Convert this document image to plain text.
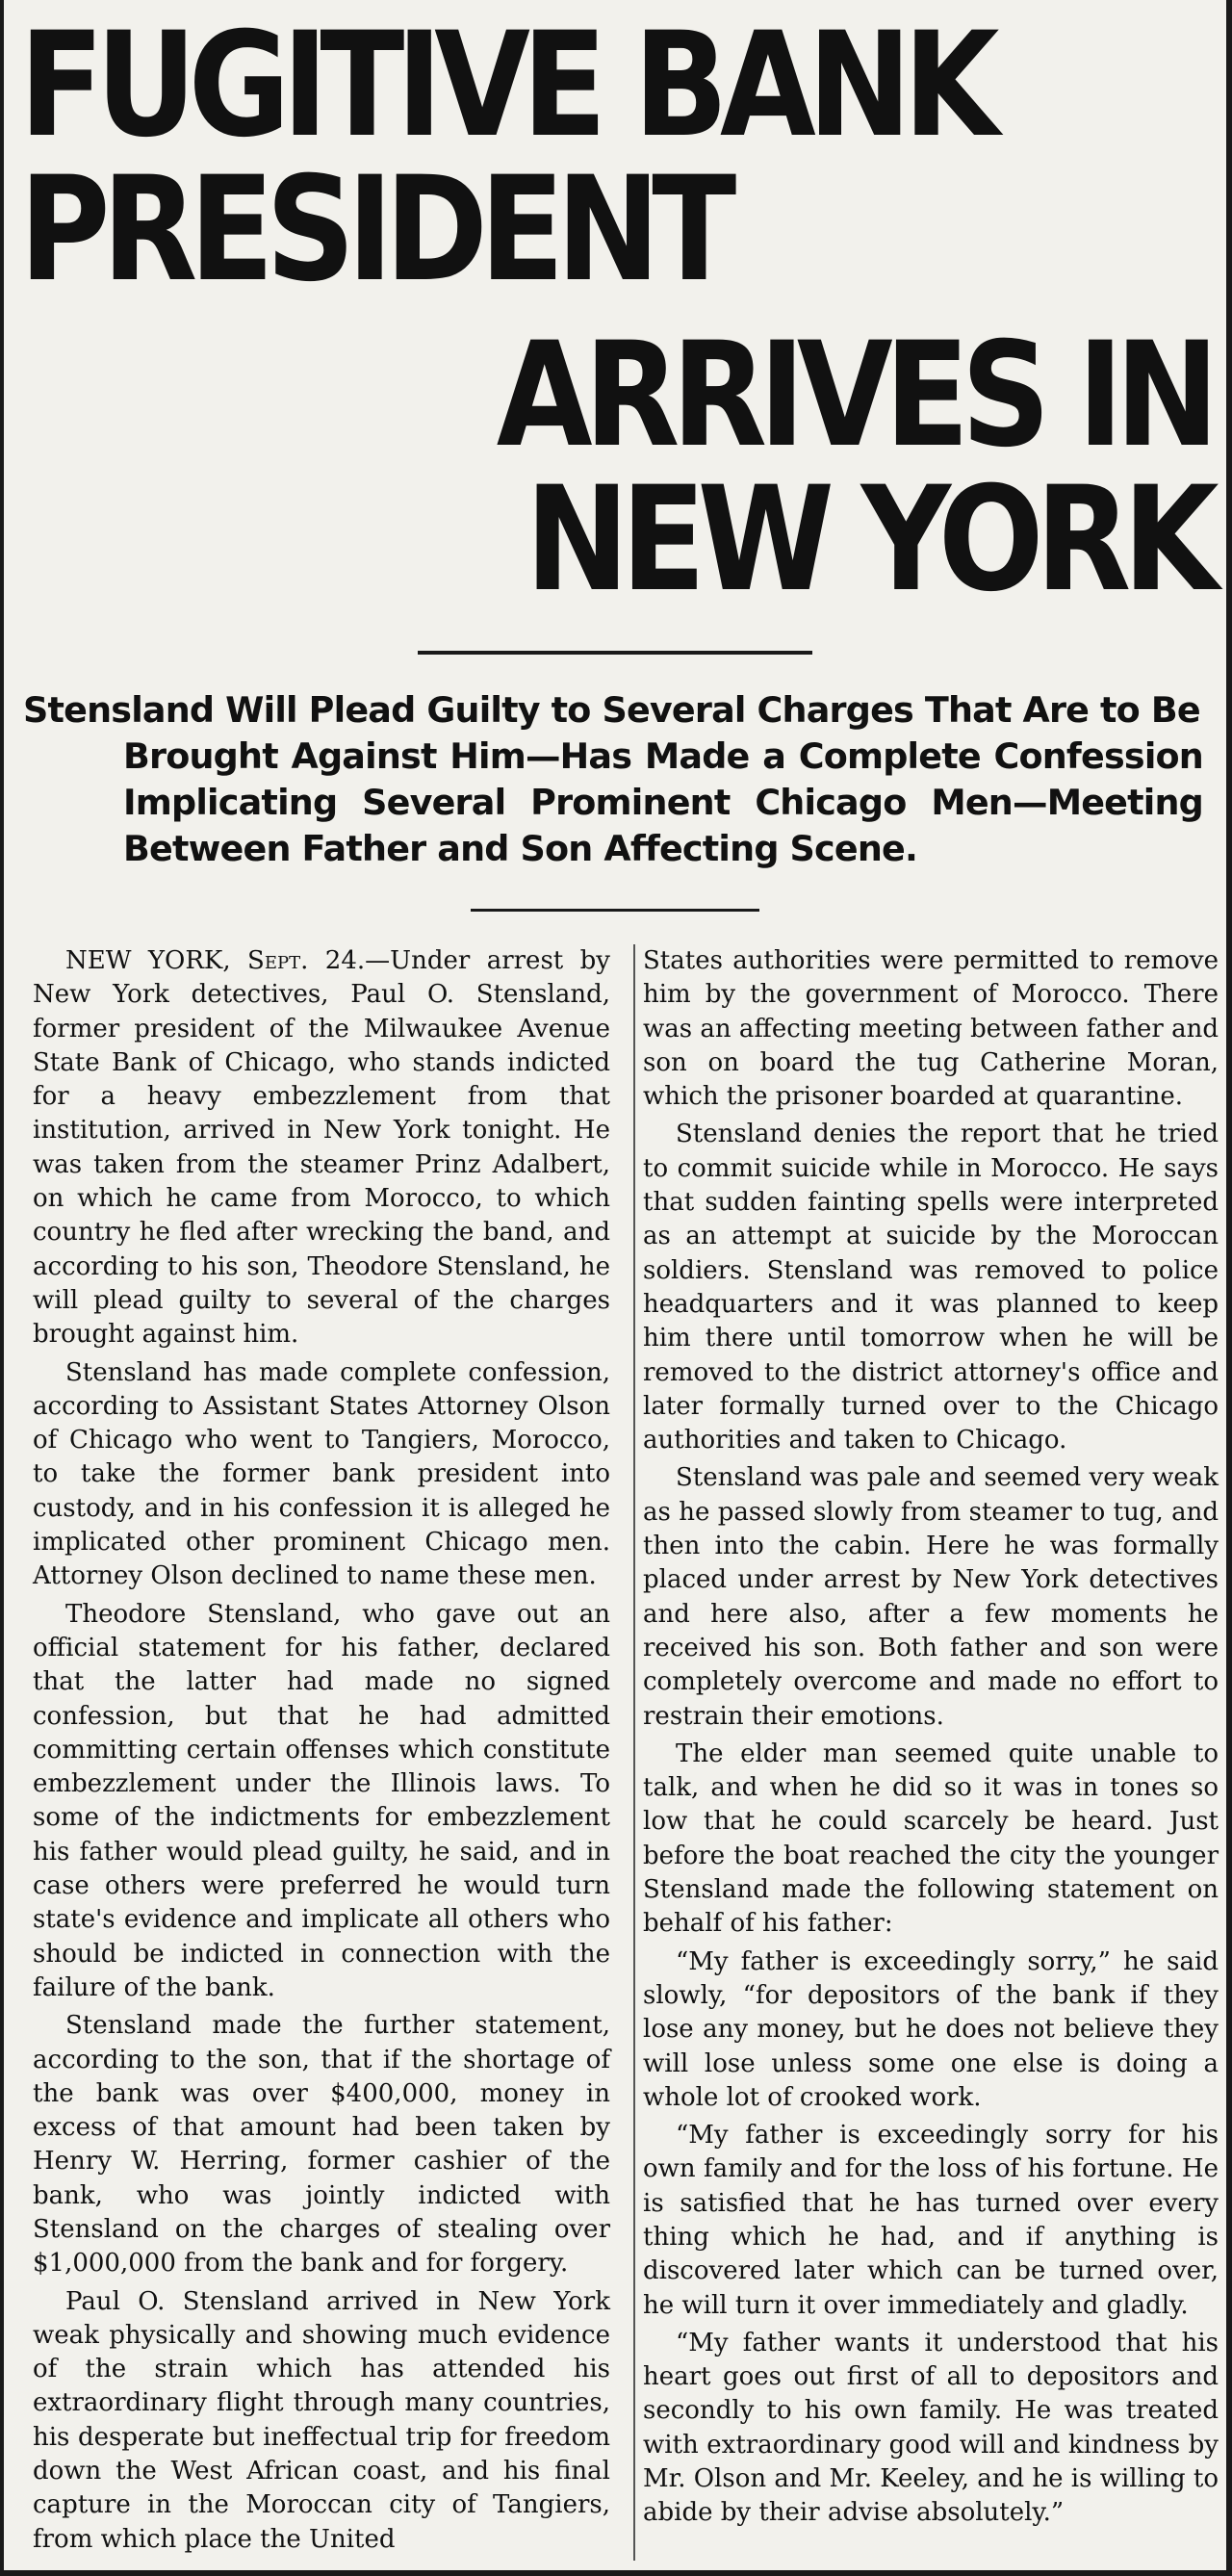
FUGITIVE BANK PRESIDENT
ARRIVES IN NEW YORK

Stensland Will Plead Guilty to Several Charges That Are to Be

Brought Against Him—Has Made a Complete Confession Implicating Several Prominent Chicago Men—Meeting Between Father and Son Affecting Scene.

NEW YORK, Sept. 24.—Under arrest by New York detectives, Paul O. Stensland, former president of the Milwaukee Avenue State Bank of Chicago, who stands indicted for a heavy embezzlement from that institution, arrived in New York tonight. He was taken from the steamer Prinz Adalbert, on which he came from Morocco, to which country he fled after wrecking the band, and according to his son, Theodore Stensland, he will plead guilty to several of the charges brought against him.

Stensland has made complete confession, according to Assistant States Attorney Olson of Chicago who went to Tangiers, Morocco, to take the former bank president into custody, and in his confession it is alleged he implicated other prominent Chicago men. Attorney Olson declined to name these men.

Theodore Stensland, who gave out an official statement for his father, declared that the latter had made no signed confession, but that he had admitted committing certain offenses which constitute embezzlement under the Illinois laws. To some of the indictments for embezzlement his father would plead guilty, he said, and in case others were preferred he would turn state's evidence and implicate all others who should be indicted in connection with the failure of the bank.

Stensland made the further statement, according to the son, that if the shortage of the bank was over $400,000, money in excess of that amount had been taken by Henry W. Herring, former cashier of the bank, who was jointly indicted with Stensland on the charges of stealing over $1,000,000 from the bank and for forgery.

Paul O. Stensland arrived in New York weak physically and showing much evidence of the strain which has attended his extraordinary flight through many countries, his desperate but ineffectual trip for freedom down the West African coast, and his final capture in the Moroccan city of Tangiers, from which place the United

States authorities were permitted to remove him by the government of Morocco. There was an affecting meeting between father and son on board the tug Catherine Moran, which the prisoner boarded at quarantine.

Stensland denies the report that he tried to commit suicide while in Morocco. He says that sudden fainting spells were interpreted as an attempt at suicide by the Moroccan soldiers. Stensland was removed to police headquarters and it was planned to keep him there until tomorrow when he will be removed to the district attorney's office and later formally turned over to the Chicago authorities and taken to Chicago.

Stensland was pale and seemed very weak as he passed slowly from steamer to tug, and then into the cabin. Here he was formally placed under arrest by New York detectives and here also, after a few moments he received his son. Both father and son were completely overcome and made no effort to restrain their emotions.

The elder man seemed quite unable to talk, and when he did so it was in tones so low that he could scarcely be heard. Just before the boat reached the city the younger Stensland made the following statement on behalf of his father:

“My father is exceedingly sorry,” he said slowly, “for depositors of the bank if they lose any money, but he does not believe they will lose unless some one else is doing a whole lot of crooked work.

“My father is exceedingly sorry for his own family and for the loss of his fortune. He is satisfied that he has turned over every thing which he had, and if anything is discovered later which can be turned over, he will turn it over immediately and gladly.

“My father wants it understood that his heart goes out first of all to depositors and secondly to his own family. He was treated with extraordinary good will and kindness by Mr. Olson and Mr. Keeley, and he is willing to abide by their advise absolutely.”
